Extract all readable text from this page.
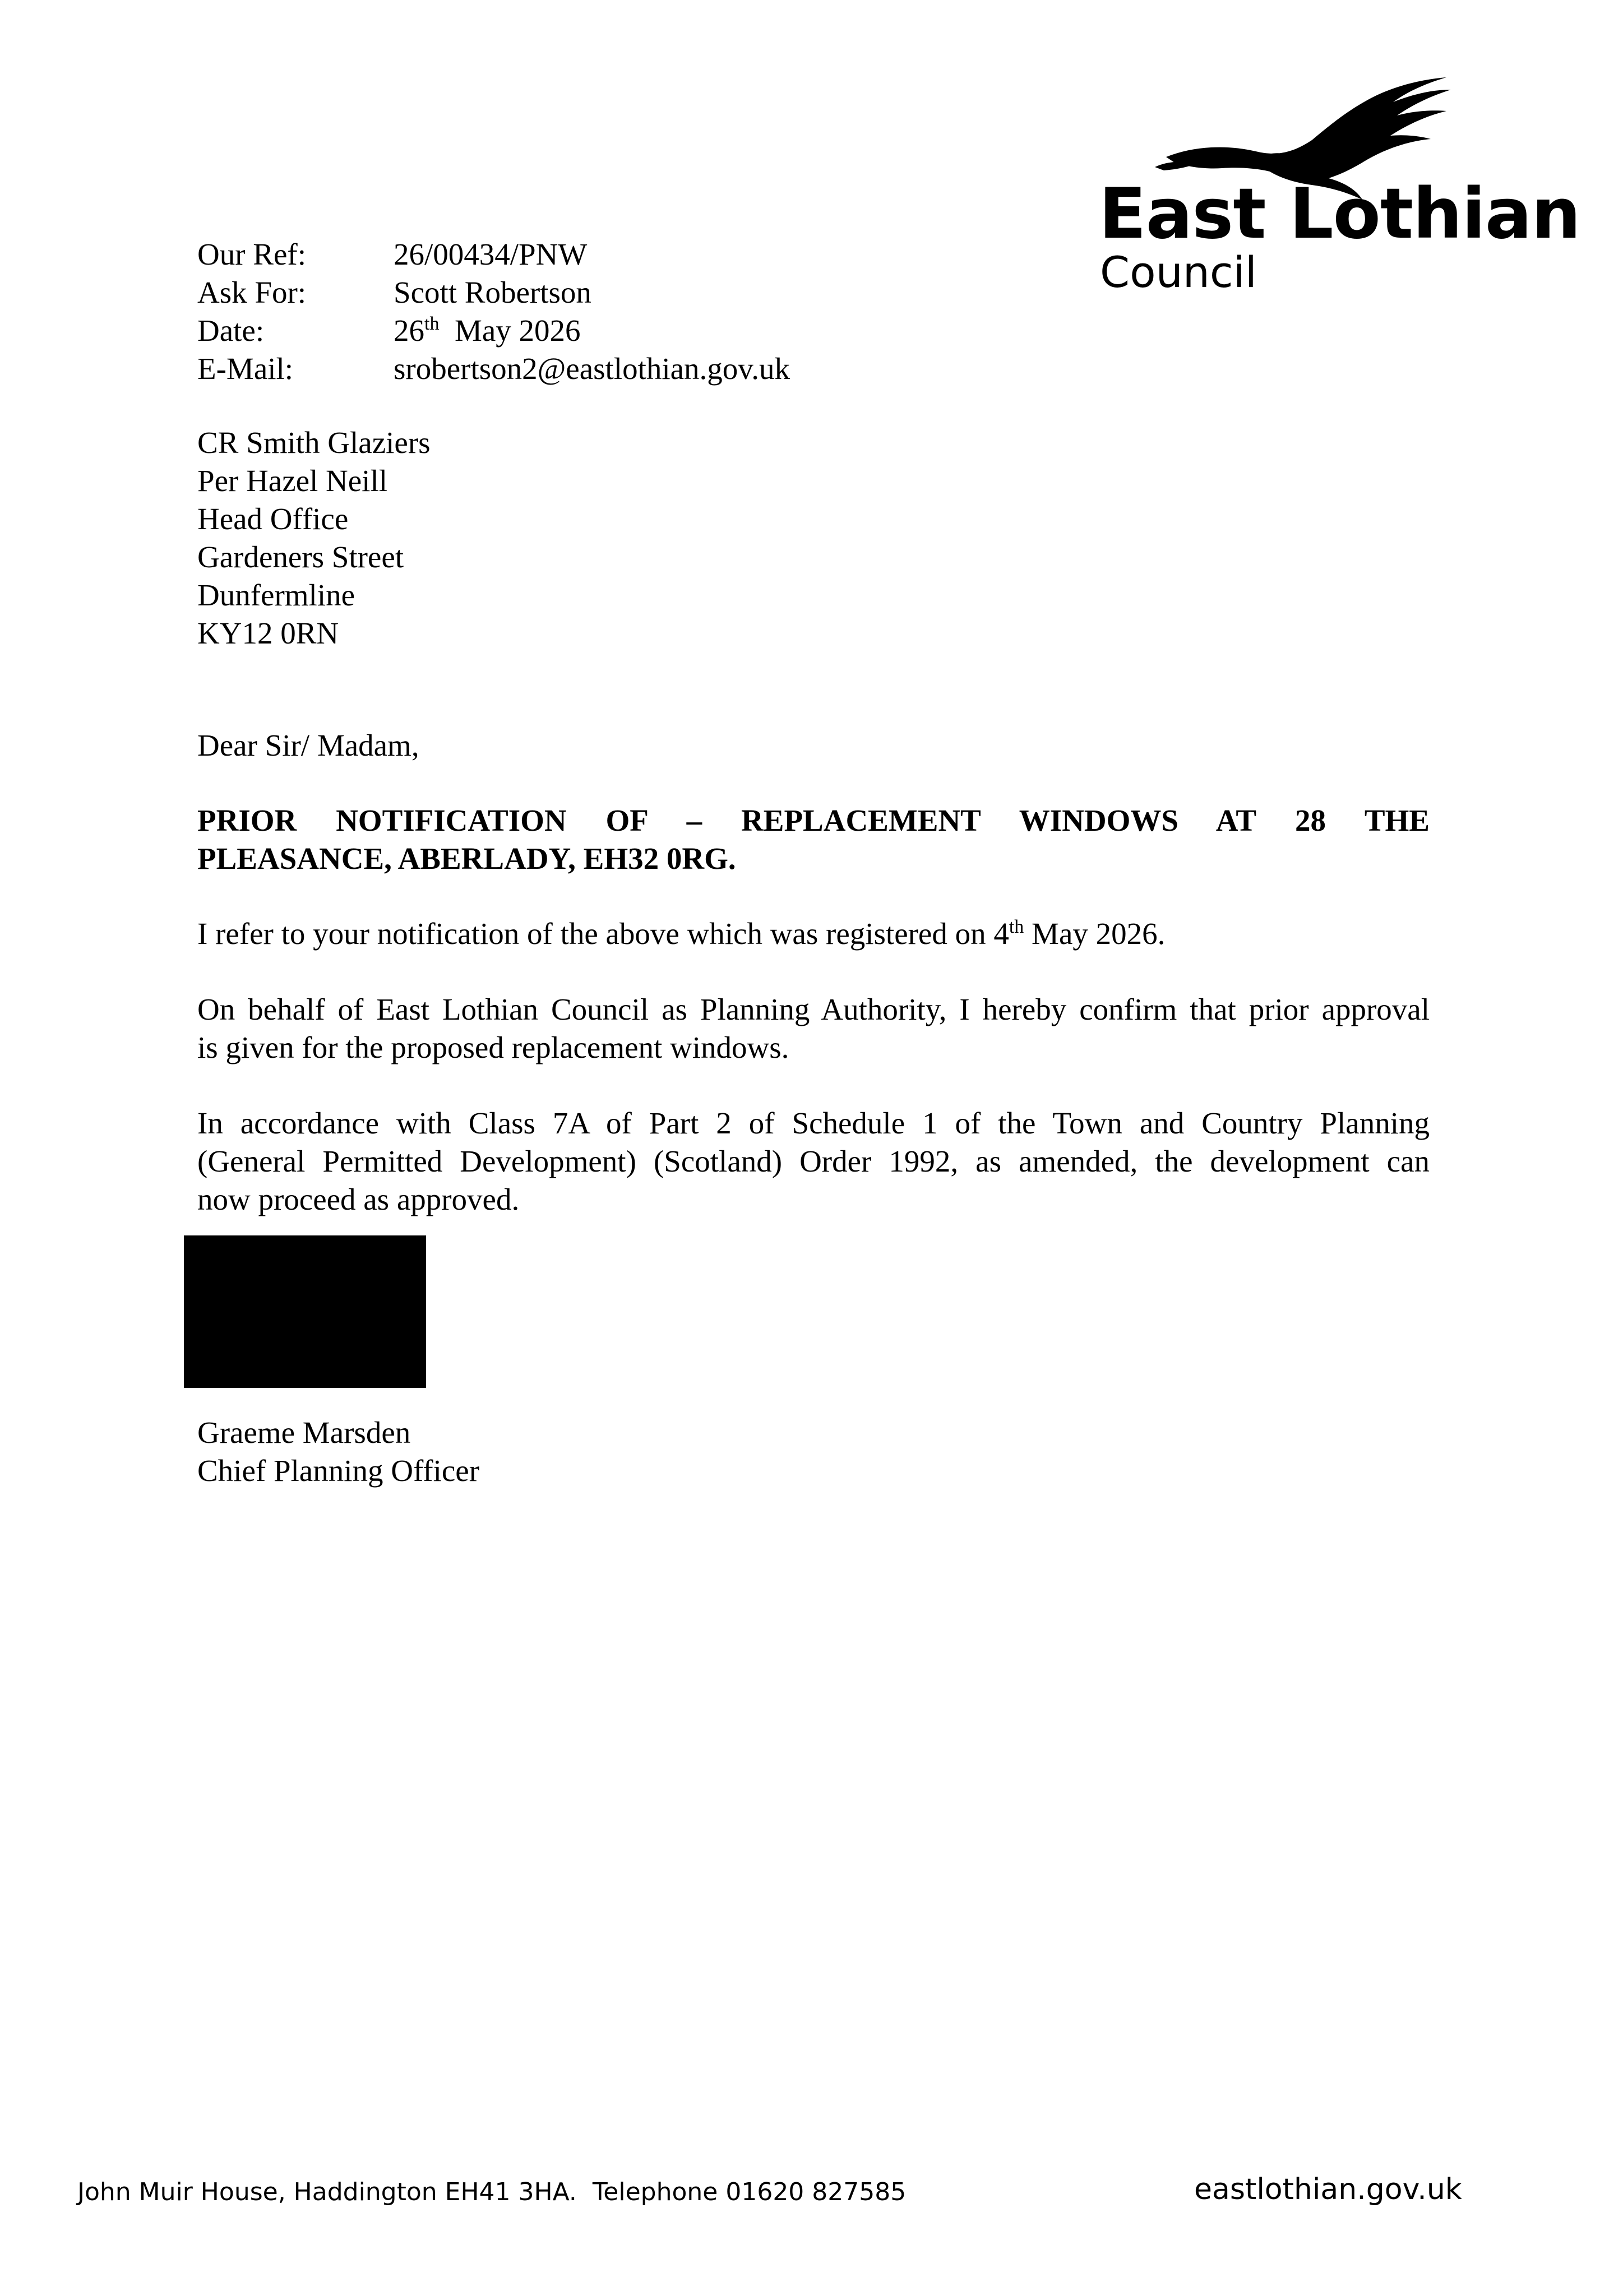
East Lothian
Council
Our Ref:	26/00434/PNW
Ask For:	Scott Robertson
Date:	26th  May 2026
E-Mail:	srobertson2@eastlothian.gov.uk
CR Smith Glaziers
Per Hazel Neill
Head Office
Gardeners Street
Dunfermline
KY12 0RN
Dear Sir/ Madam,
PRIOR NOTIFICATION OF – REPLACEMENT WINDOWS AT 28 THE
PLEASANCE, ABERLADY, EH32 0RG.
I refer to your notification of the above which was registered on 4th May 2026.
On behalf of East Lothian Council as Planning Authority, I hereby confirm that prior approval
is given for the proposed replacement windows.
In accordance with Class 7A of Part 2 of Schedule 1 of the Town and Country Planning
(General Permitted Development) (Scotland) Order 1992, as amended, the development can
now proceed as approved.
Graeme Marsden
Chief Planning Officer
John Muir House, Haddington EH41 3HA.  Telephone 01620 827585	eastlothian.gov.uk
